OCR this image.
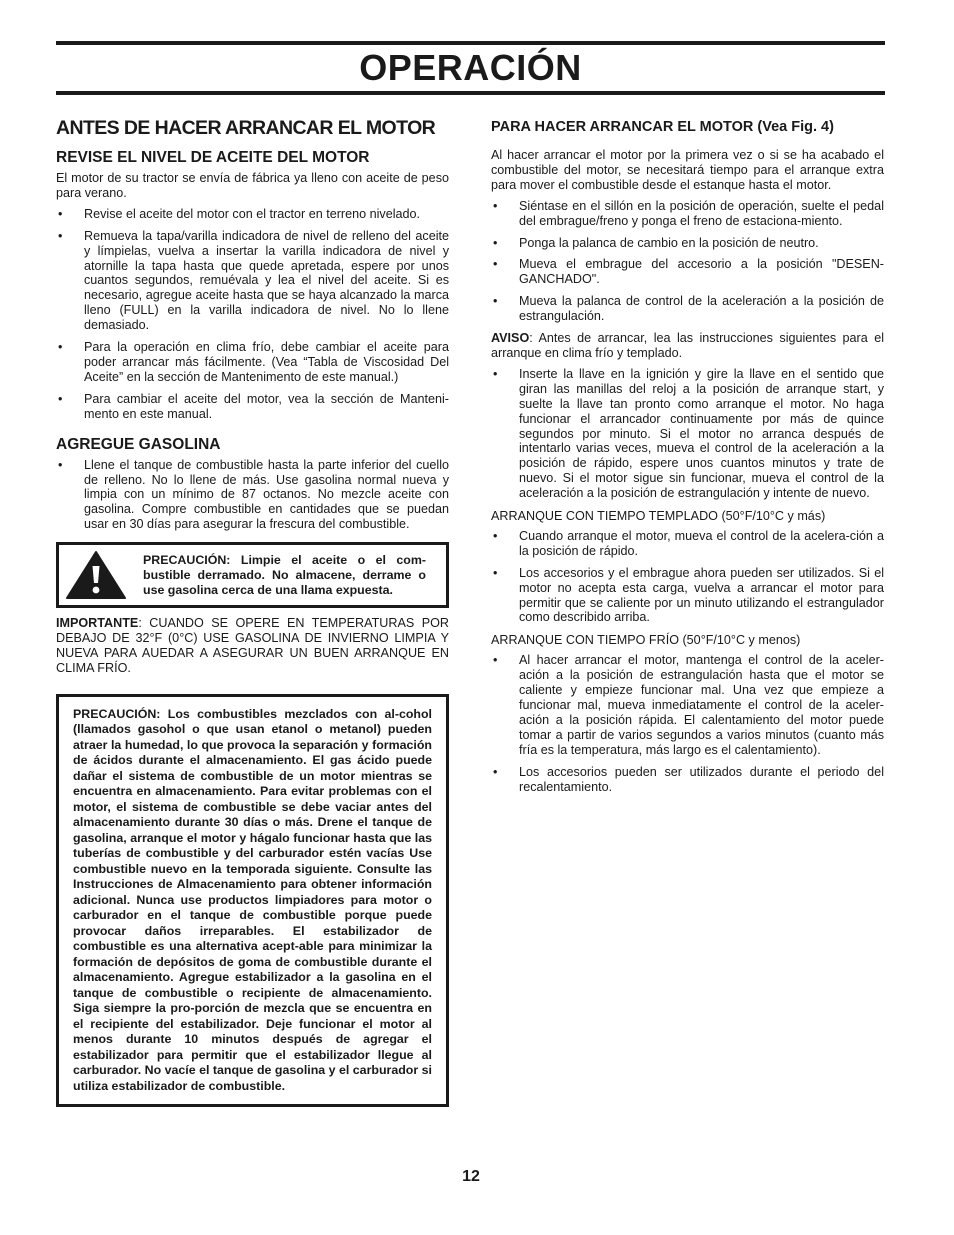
OPERACIÓN
ANTES DE HACER ARRANCAR EL MOTOR
REVISE EL NIVEL DE ACEITE DEL MOTOR

El motor de su tractor se envía de fábrica ya lleno con aceite de peso para verano.

• Revise el aceite del motor con el tractor en terreno nivelado.
• Remueva la tapa/varilla indicadora de nivel de relleno del aceite y límpielas, vuelva a insertar la varilla indicadora de nivel y atornille la tapa hasta que quede apretada, espere por unos cuantos segundos, remuévala y lea el nivel del aceite. Si es necesario, agregue aceite hasta que se haya alcanzado la marca lleno (FULL) en la varilla indicadora de nivel. No lo llene demasiado.
• Para la operación en clima frío, debe cambiar el aceite para poder arrancar más fácilmente. (Vea “Tabla de Viscosidad Del Aceite” en la sección de Mantenimento de este manual.)
• Para cambiar el aceite del motor, vea la sección de Manteni-mento en este manual.
AGREGUE GASOLINA
• Llene el tanque de combustible hasta la parte inferior del cuello de relleno. No lo llene de más. Use gasolina normal nueva y limpia con un mínimo de 87 octanos. No mezcle aceite con gasolina. Compre combustible en cantidades que se puedan usar en 30 días para asegurar la frescura del combustible.
PRECAUCIÓN: Limpie el aceite o el com-bustible derramado. No almacene, derrame o use gasolina cerca de una llama expuesta.

IMPORTANTE: CUANDO SE OPERE EN TEMPERATURAS POR DEBAJO DE 32°F (0°C) USE GASOLINA DE INVIERNO LIMPIA Y NUEVA PARA AUEDAR A ASEGURAR UN BUEN ARRANQUE EN CLIMA FRÍO.

PRECAUCIÓN: Los combustibles mezclados con al-cohol (llamados gasohol o que usan etanol o metanol) pueden atraer la humedad, lo que provoca la separación y formación de ácidos durante el almacenamiento. El gas ácido puede dañar el sistema de combustible de un motor mientras se encuentra en almacenamiento. Para evitar problemas con el motor, el sistema de combustible se debe vaciar antes del almacenamiento durante 30 días o más. Drene el tanque de gasolina, arranque el motor y hágalo funcionar hasta que las tuberías de combustible y del carburador estén vacías Use combustible nuevo en la temporada siguiente. Consulte las Instrucciones de Almacenamiento para obtener información adicional. Nunca use productos limpiadores para motor o carburador en el tanque de combustible porque puede provocar daños irreparables. El estabilizador de combustible es una alternativa acept-able para minimizar la formación de depósitos de goma de combustible durante el almacenamiento. Agregue estabilizador a la gasolina en el tanque de combustible o recipiente de almacenamiento. Siga siempre la pro-porción de mezcla que se encuentra en el recipiente del estabilizador. Deje funcionar el motor al menos durante 10 minutos después de agregar el estabilizador para permitir que el estabilizador llegue al carburador. No vacíe el tanque de gasolina y el carburador si utiliza estabilizador de combustible.
PARA HACER ARRANCAR EL MOTOR (Vea Fig. 4)

Al hacer arrancar el motor por la primera vez o si se ha acabado el combustible del motor, se necesitará tiempo para el arranque extra para mover el combustible desde el estanque hasta el motor.

• Siéntase en el sillón en la posición de operación, suelte el pedal del embrague/freno y ponga el freno de estaciona-miento.
• Ponga la palanca de cambio en la posición de neutro.
• Mueva el embrague del accesorio a la posición "DESEN-GANCHADO".
• Mueva la palanca de control de la aceleración a la posición de estrangulación.

AVISO: Antes de arrancar, lea las instrucciones siguientes para el arranque en clima frío y templado.

• Inserte la llave en la ignición y gire la llave en el sentido que giran las manillas del reloj a la posición de arranque start, y suelte la llave tan pronto como arranque el motor. No haga funcionar el arrancador continuamente por más de quince segundos por minuto. Si el motor no arranca después de intentarlo varias veces, mueva el control de la aceleración a la posición de rápido, espere unos cuantos minutos y trate de nuevo. Si el motor sigue sin funcionar, mueva el control de la aceleración a la posición de estrangulación y intente de nuevo.

ARRANQUE CON TIEMPO TEMPLADO (50°F/10°C y más)

• Cuando arranque el motor, mueva el control de la acelera-ción a la posición de rápido.
• Los accesorios y el embrague ahora pueden ser utilizados. Si el motor no acepta esta carga, vuelva a arrancar el motor para permitir que se caliente por un minuto utilizando el estrangulador como describido arriba.

ARRANQUE CON TIEMPO FRÍO (50°F/10°C y menos)

• Al hacer arrancar el motor, mantenga el control de la aceler-ación a la posición de estrangulación hasta que el motor se caliente y empieze funcionar mal. Una vez que empieze a funcionar mal, mueva inmediatamente el control de la aceler-ación a la posición rápida. El calentamiento del motor puede tomar a partir de varios segundos a varios minutos (cuanto más fría es la temperatura, más largo es el calentamiento).
• Los accesorios pueden ser utilizados durante el periodo del recalentamiento.
12
